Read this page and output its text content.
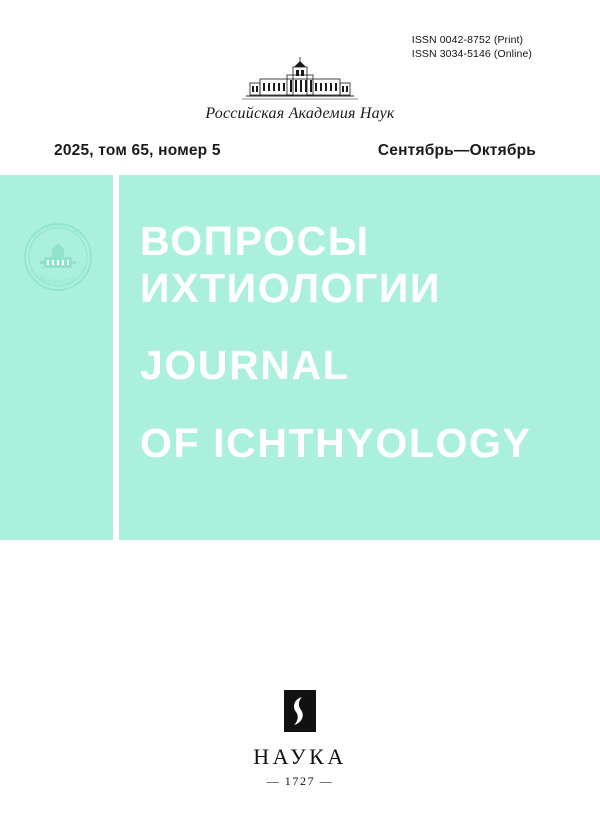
ISSN 0042-8752 (Print)
ISSN 3034-5146 (Online)
Российская Академия Наук
2025, том 65, номер 5	Сентябрь—Октябрь
ИХТИОЛОГИИ
ВОПРОСЫ
ВОПРОСЫ
ИХТИОЛОГИИ
JOURNAL
OF ICHTHYOLOGY
НАУКА
— 1727 —
